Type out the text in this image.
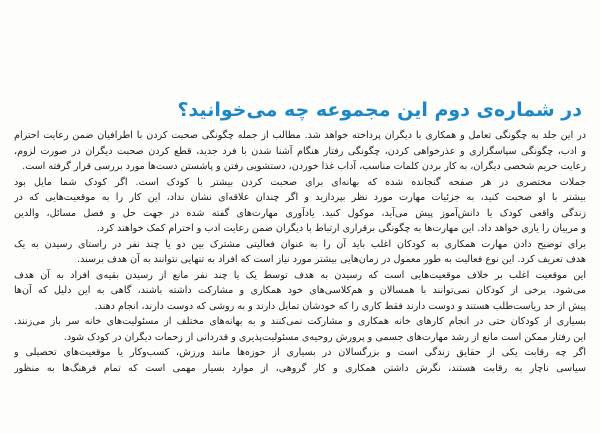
در شماره‌ی دوم این مجموعه چه می‌خوانید؟
در این جلد به چگونگی تعامل و همکاری با دیگران پرداخته خواهد شد. مطالب از جمله چگونگی صحبت کردن با اطرافیان ضمن رعایت احترام
و ادب، چگونگی سپاسگزاری و عذرخواهی کردن، چگونگی رفتار هنگام آشنا شدن با فرد جدید، قطع کردن صحبت دیگران در صورت لزوم،
رعایت حریم شخصی دیگران، به کار بردن کلمات مناسب، آداب غذا خوردن، دستشویی رفتن و پاشستن دست‌ها مورد بررسی قرار گرفته است.
جملات مختصری در هر صفحه گنجانده شده که بهانه‌ای برای صحبت کردن بیشتر با کودک است. اگر کودک شما مایل بود
بیشتر با او صحبت کنید، به جزئیات مهارت مورد نظر بپردازید و اگر چندان علاقه‌ای نشان نداد، این کار را به موقعیت‌هایی که در
زندگی واقعی کودک یا دانش‌آموز پیش می‌آید، موکول کنید. یادآوری مهارت‌های گفته شده در جهت حل و فصل مسائل، والدین
و مربیان را یاری خواهد داد. این مهارت‌ها به چگونگی برقراری ارتباط با دیگران ضمن رعایت ادب و احترام کمک خواهند کرد.
برای توضیح دادن مهارت همکاری به کودکان اغلب باید آن را به عنوان فعالیتی مشترک بین دو یا چند نفر در راستای رسیدن به یک
هدف تعریف کرد. این نوع فعالیت به طور معمول در زمان‌هایی بیشتر مورد نیاز است که افراد به تنهایی نتوانند به آن هدف برسند.
این موقعیت اغلب بر خلاف موقعیت‌هایی است که رسیدن به هدف توسط یک یا چند نفر مانع از رسیدن بقیه‌ی افراد به آن هدف
می‌شود. برخی از کودکان نمی‌توانند با همسالان و هم‌کلاسی‌های خود همکاری و مشارکت داشته باشند، گاهی به این دلیل که آن‌ها
پیش از حد ریاست‌طلب هستند و دوست دارند فقط کاری را که خودشان تمایل دارند و به روشی که دوست دارند، انجام دهند.
بسیاری از کودکان حتی در انجام کارهای خانه همکاری و مشارکت نمی‌کنند و به بهانه‌های مختلف از مسئولیت‌های خانه سر باز می‌زنند.
این رفتار ممکن است مانع از رشد مهارت‌های جسمی و پرورش روحیه‌ی مسئولیت‌پذیری و قدردانی از زحمات دیگران در کودک شود.
اگر چه رقابت یکی از حقایق زندگی است و بزرگسالان در بسیاری از حوزه‌ها مانند ورزش، کسب‌وکار یا موقعیت‌های تحصیلی و
سیاسی ناچار به رقابت هستند، نگرش داشتن همکاری و کار گروهی، از موارد بسیار مهمی است که تمام فرهنگ‌ها به منظور
